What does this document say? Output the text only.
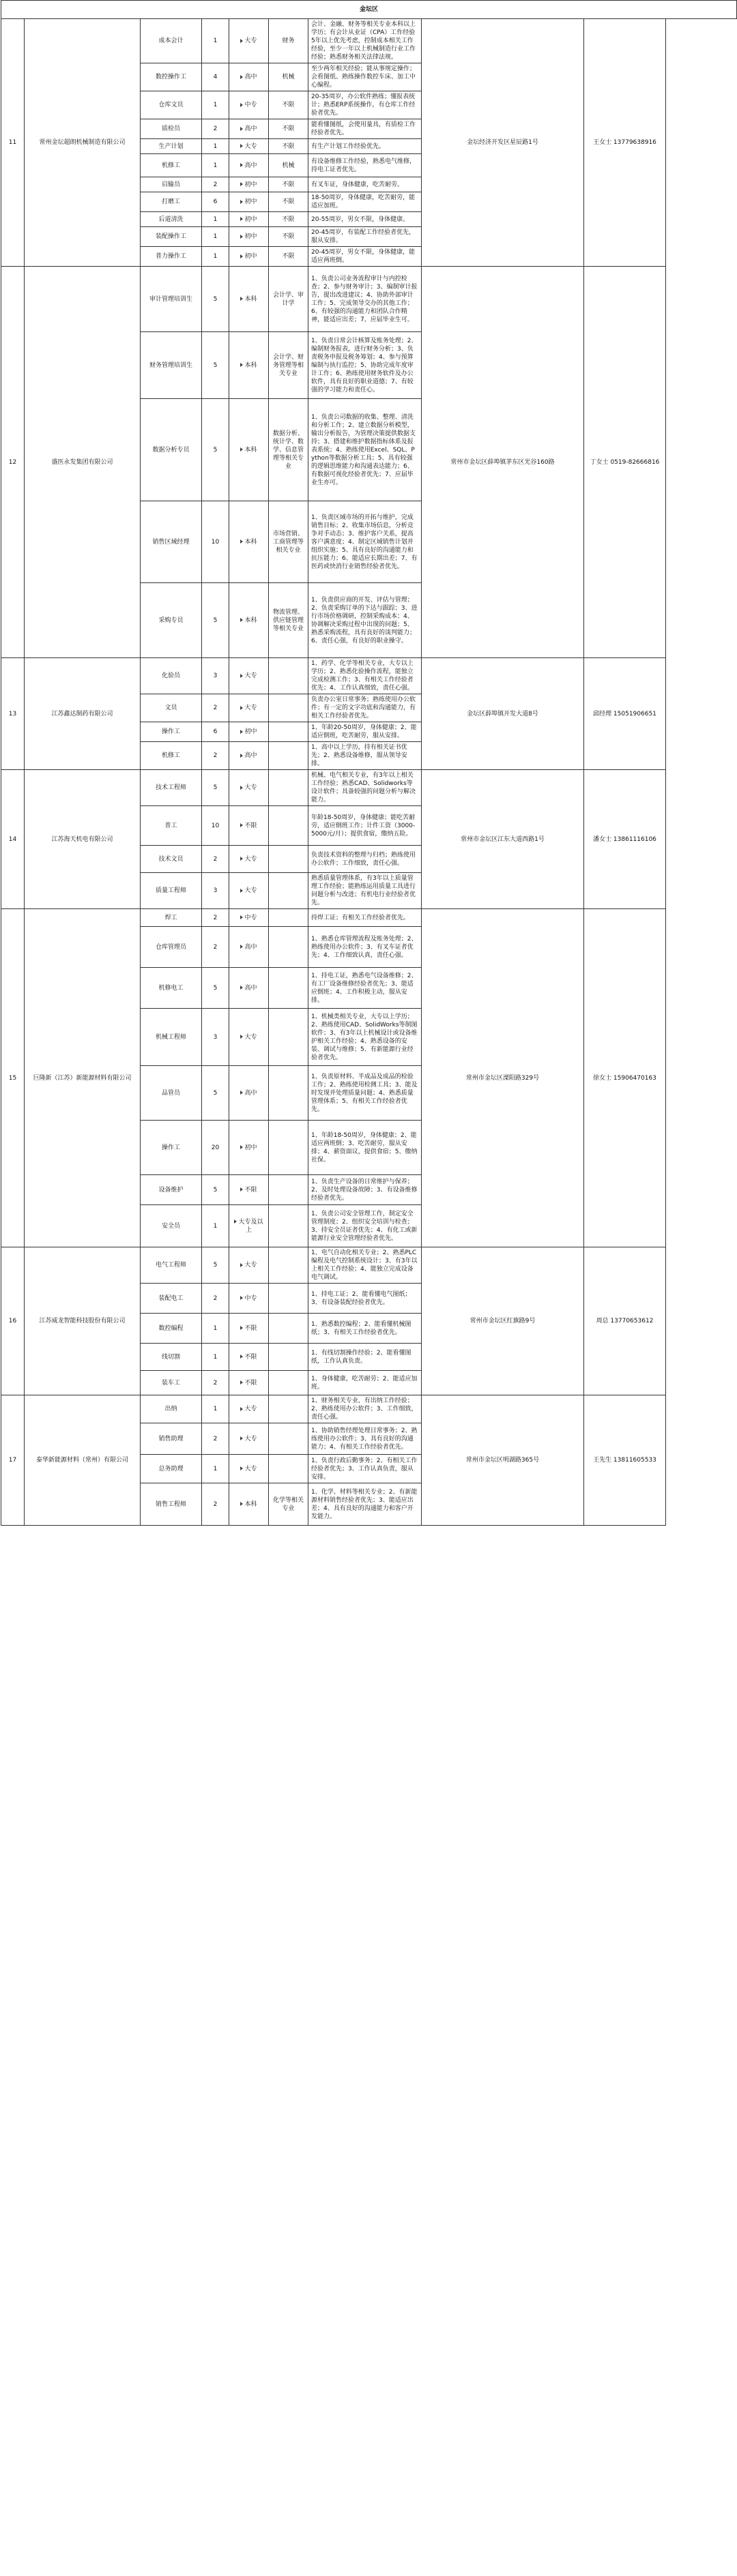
金坛区								
11	常州金坛超朗机械制造有限公司	成本会计	1	大专	财务	会计、金融、财务等相关专业本科以上学历；有会计从业证（CPA）工作经验5年以上优先考虑，控制成本相关工作经验，至少一年以上机械制造行业工作经验；熟悉财务相关法律法规。	金坛经济开发区星辰路1号	王女士 13779638916
		数控操作工	4	高中	机械	至少两年相关经验；能从事规定操作；会看图纸、熟练操作数控车床、加工中心编程。		
		仓库文员	1	中专	不限	20-35周岁，办公软件熟练；懂报表统计；熟悉ERP系统操作，有仓库工作经验者优先。		
		质检员	2	高中	不限	能看懂图纸，会使用量具，有质检工作经验者优先。		
		生产计划	1	大专	不限	有生产计划工作经验优先。		
		机修工	1	高中	机械	有设备维修工作经验，熟悉电气维修，持电工证者优先。		
		启输员	2	初中	不限	有叉车证，身体健康，吃苦耐劳。		
		打磨工	6	初中	不限	18-50周岁，身体健康，吃苦耐劳，能适应加班。		
		后道清洗	1	初中	不限	20-55周岁，男女不限，身体健康。		
		装配操作工	1	初中	不限	20-45周岁，有装配工作经验者优先，服从安排。		
		普力操作工	1	初中	不限	20-45周岁，男女不限，身体健康，能适应两班倒。		
12	盛医永发集团有限公司	审计管理培训生	5	本科	会计学、审计学	1、负责公司业务流程审计与内控检查；2、参与财务审计；3、编制审计报告，提出改进建议；4、协助外部审计工作；5、完成领导交办的其他工作；6、有较强的沟通能力和团队合作精神，能适应出差；7、应届毕业生可。	常州市金坛区薛埠镇茅东区光谷160路	丁女士 0519-82666816
		财务管理培训生	5	本科	会计学、财务管理等相关专业	1、负责日常会计核算及账务处理；2、编制财务报表，进行财务分析；3、负责税务申报及税务筹划；4、参与预算编制与执行监控；5、协助完成年度审计工作；6、熟练使用财务软件及办公软件，具有良好的职业道德；7、有较强的学习能力和责任心。		
		数据分析专员	5	本科	数据分析、统计学、数学、信息管理等相关专业	1、负责公司数据的收集、整理、清洗和分析工作；2、建立数据分析模型，输出分析报告，为管理决策提供数据支持；3、搭建和维护数据指标体系及报表系统；4、熟练使用Excel、SQL、Python等数据分析工具；5、具有较强的逻辑思维能力和沟通表达能力；6、有数据可视化经验者优先；7、应届毕业生亦可。		
		销售区域经理	10	本科	市场营销、工商管理等相关专业	1、负责区域市场的开拓与维护，完成销售目标；2、收集市场信息，分析竞争对手动态；3、维护客户关系，提高客户满意度；4、制定区域销售计划并组织实施；5、具有良好的沟通能力和抗压能力；6、能适应长期出差；7、有医药或快消行业销售经验者优先。		
		采购专员	5	本科	物流管理、供应链管理等相关专业	1、负责供应商的开发、评估与管理；2、负责采购订单的下达与跟踪；3、进行市场价格调研，控制采购成本；4、协调解决采购过程中出现的问题；5、熟悉采购流程，具有良好的谈判能力；6、责任心强，有良好的职业操守。		
13	江苏鑫达制药有限公司	化验员	3	大专		1、药学、化学等相关专业，大专以上学历；2、熟悉化验操作流程，能独立完成检测工作；3、有相关工作经验者优先；4、工作认真细致，责任心强。	金坛区薛埠镇开发大道8号	邱经理 15051906651
		文员	2	大专		负责办公室日常事务；熟练使用办公软件；有一定的文字功底和沟通能力，有相关工作经验者优先。		
		操作工	6	初中		1、年龄20-50周岁，身体健康；2、能适应倒班，吃苦耐劳，服从安排。		
		机修工	2	高中		1、高中以上学历，持有相关证书优先；2、熟悉设备维修，服从领导安排。		
14	江苏海天机电有限公司	技术工程师	5	大专		机械、电气相关专业，有3年以上相关工作经验；熟悉CAD、Solidworks等设计软件；具备较强的问题分析与解决能力。	常州市金坛区江东大道西路1号	潘女士 13861116106
		普工	10	不限		年龄18-50周岁，身体健康；能吃苦耐劳，适应倒班工作；计件工资（3000-5000元/月）；提供食宿，缴纳五险。		
		技术文员	2	大专		负责技术资料的整理与归档；熟练使用办公软件；工作细致，责任心强。		
		质量工程师	3	大专		熟悉质量管理体系，有3年以上质量管理工作经验；能熟练运用质量工具进行问题分析与改进；有机电行业经验者优先。		
15	巨隆新（江苏）新能源材料有限公司	焊工	2	中专		持焊工证；有相关工作经验者优先。	常州市金坛区溧阳路329号	徐女士 15906470163
		仓库管理员	2	高中		1、熟悉仓库管理流程及账务处理；2、熟练使用办公软件；3、有叉车证者优先；4、工作细致认真，责任心强。		
		机修电工	5	高中		1、持电工证，熟悉电气设备维修；2、有工厂设备维修经验者优先；3、能适应倒班；4、工作积极主动，服从安排。		
		机械工程师	3	大专		1、机械类相关专业，大专以上学历；2、熟练使用CAD、SolidWorks等制图软件；3、有3年以上机械设计或设备维护相关工作经验；4、熟悉设备的安装、调试与维修；5、有新能源行业经验者优先。		
		品管员	5	高中		1、负责原材料、半成品及成品的检验工作；2、熟练使用检测工具；3、能及时发现并处理质量问题；4、熟悉质量管理体系；5、有相关工作经验者优先。		
		操作工	20	初中		1、年龄18-50周岁，身体健康；2、能适应两班倒；3、吃苦耐劳，服从安排；4、薪资面议，提供食宿；5、缴纳社保。		
		设备维护	5	不限		1、负责生产设备的日常维护与保养；2、及时处理设备故障；3、有设备维修经验者优先。		
		安全员	1	大专及以上		1、负责公司安全管理工作，制定安全管理制度；2、组织安全培训与检查；3、持安全员证者优先；4、有化工或新能源行业安全管理经验者优先。		
16	江苏威龙智能科技股份有限公司	电气工程师	5	大专		1、电气自动化相关专业；2、熟悉PLC编程及电气控制系统设计；3、有3年以上相关工作经验；4、能独立完成设备电气调试。	常州市金坛区红旗路9号	周总 13770653612
		装配电工	2	中专		1、持电工证；2、能看懂电气图纸；3、有设备装配经验者优先。		
		数控编程	1	不限		1、熟悉数控编程；2、能看懂机械图纸；3、有相关工作经验者优先。		
		线切割	1	不限		1、有线切割操作经验；2、能看懂图纸，工作认真负责。		
		装车工	2	不限		1、身体健康，吃苦耐劳；2、能适应加班。		
17	泰华新能源材料（常州）有限公司	出纳	1	大专		1、财务相关专业，有出纳工作经验；2、熟练使用办公软件；3、工作细致，责任心强。	常州市金坛区明湖路365号	王先生 13811605533
		销售助理	2	大专		1、协助销售经理处理日常事务；2、熟练使用办公软件；3、具有良好的沟通能力；4、有相关工作经验者优先。		
		总务助理	1	大专		1、负责行政后勤事务；2、有相关工作经验者优先；3、工作认真负责，服从安排。		
		销售工程师	2	本科	化学等相关专业	1、化学、材料等相关专业；2、有新能源材料销售经验者优先；3、能适应出差；4、具有良好的沟通能力和客户开发能力。		
